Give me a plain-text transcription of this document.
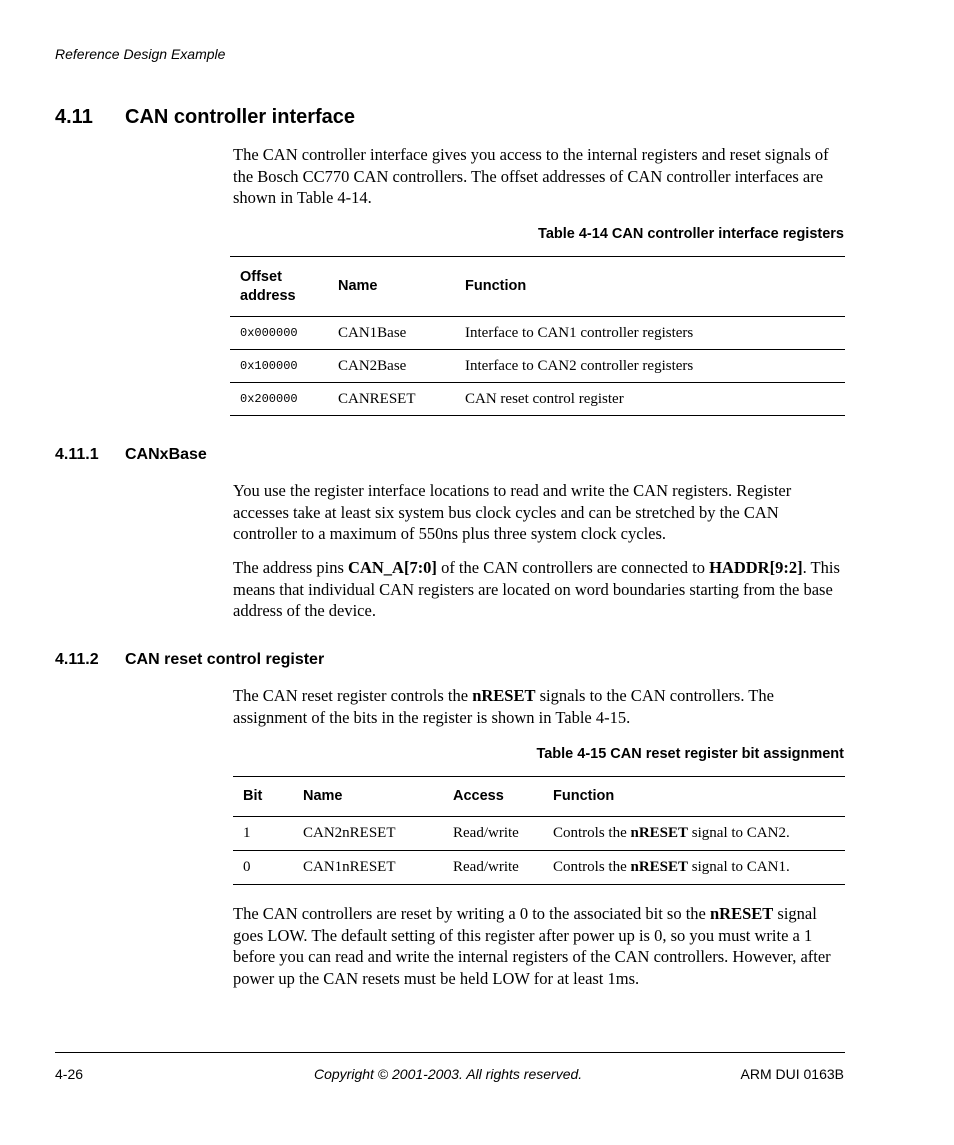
Reference Design Example
4.11 CAN controller interface

The CAN controller interface gives you access to the internal registers and reset signals of the Bosch CC770 CAN controllers. The offset addresses of CAN controller interfaces are shown in Table 4-14.

Table 4-14 CAN controller interface registers
Offset
address	Name	Function
0x000000	CAN1Base	Interface to CAN1 controller registers
0x100000	CAN2Base	Interface to CAN2 controller registers
0x200000	CANRESET	CAN reset control register
4.11.1 CANxBase

You use the register interface locations to read and write the CAN registers. Register accesses take at least six system bus clock cycles and can be stretched by the CAN controller to a maximum of 550ns plus three system clock cycles.

The address pins CAN_A[7:0] of the CAN controllers are connected to HADDR[9:2]. This means that individual CAN registers are located on word boundaries starting from the base address of the device.

4.11.2 CAN reset control register

The CAN reset register controls the nRESET signals to the CAN controllers. The assignment of the bits in the register is shown in Table 4-15.

Table 4-15 CAN reset register bit assignment
Bit	Name	Access	Function
1	CAN2nRESET	Read/write	Controls the nRESET signal to CAN2.
0	CAN1nRESET	Read/write	Controls the nRESET signal to CAN1.

The CAN controllers are reset by writing a 0 to the associated bit so the nRESET signal goes LOW. The default setting of this register after power up is 0, so you must write a 1 before you can read and write the internal registers of the CAN controllers. However, after power up the CAN resets must be held LOW for at least 1ms.

4-26	Copyright © 2001-2003. All rights reserved.	ARM DUI 0163B
